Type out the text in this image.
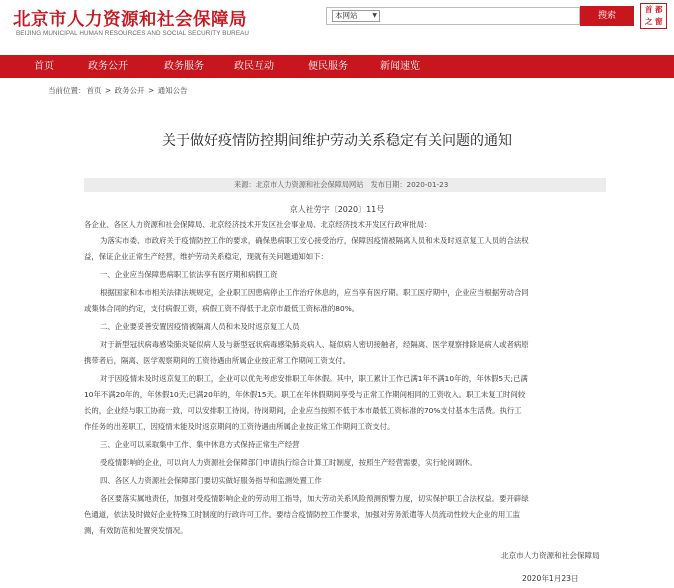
北京市人力资源和社会保障局
BEIJING MUNICIPAL HUMAN RESOURCES AND SOCIAL SECURITY BUREAU
本网站 ▼	搜索
首 都
之 窗
首页	政务公开	政务服务	政民互动	便民服务	新闻速览
当前位置：首页 > 政务公开 > 通知公告
关于做好疫情防控期间维护劳动关系稳定有关问题的通知
来源：北京市人力资源和社会保障局网站　发布日期：2020-01-23
京人社劳字〔2020〕11号
各企业、各区人力资源和社会保障局、北京经济技术开发区社会事业局、北京经济技术开发区行政审批局：
为落实市委、市政府关于疫情防控工作的要求，确保患病职工安心接受治疗，保障因疫情被隔离人员和未及时返京复工人员的合法权
益，保证企业正常生产经营，维护劳动关系稳定，现就有关问题通知如下：
一、企业应当保障患病职工依法享有医疗期和病假工资
根据国家和本市相关法律法规规定，企业职工因患病停止工作治疗休息的，应当享有医疗期。职工医疗期中，企业应当根据劳动合同
或集体合同的约定，支付病假工资，病假工资不得低于北京市最低工资标准的80%。
二、企业要妥善安置因疫情被隔离人员和未及时返京复工人员
对于新型冠状病毒感染肺炎疑似病人及与新型冠状病毒感染肺炎病人、疑似病人密切接触者，经隔离、医学观察排除是病人或者病原
携带者后，隔离、医学观察期间的工资待遇由所属企业按正常工作期间工资支付。
对于因疫情未及时返京复工的职工，企业可以优先考虑安排职工年休假。其中，职工累计工作已满1年不满10年的，年休假5天;已满
10年不满20年的，年休假10天;已满20年的，年休假15天。职工在年休假期间享受与正常工作期间相同的工资收入。职工未复工时间较
长的，企业经与职工协商一致，可以安排职工待岗。待岗期间，企业应当按照不低于本市最低工资标准的70%支付基本生活费。执行工
作任务的出差职工，因疫情未能及时返京期间的工资待遇由所属企业按正常工作期间工资支付。
三、企业可以采取集中工作、集中休息方式保持正常生产经营
受疫情影响的企业，可以向人力资源社会保障部门申请执行综合计算工时制度，按照生产经营需要，实行轮岗调休。
四、各区人力资源社会保障部门要切实做好服务指导和监测处置工作
各区要落实属地责任，加强对受疫情影响企业的劳动用工指导，加大劳动关系风险预测预警力度，切实保护职工合法权益。要开辟绿
色通道，依法及时做好企业特殊工时制度的行政许可工作。要结合疫情防控工作要求，加强对劳务派遣等人员流动性较大企业的用工监
测，有效防范和处置突发情况。
北京市人力资源和社会保障局
2020年1月23日
